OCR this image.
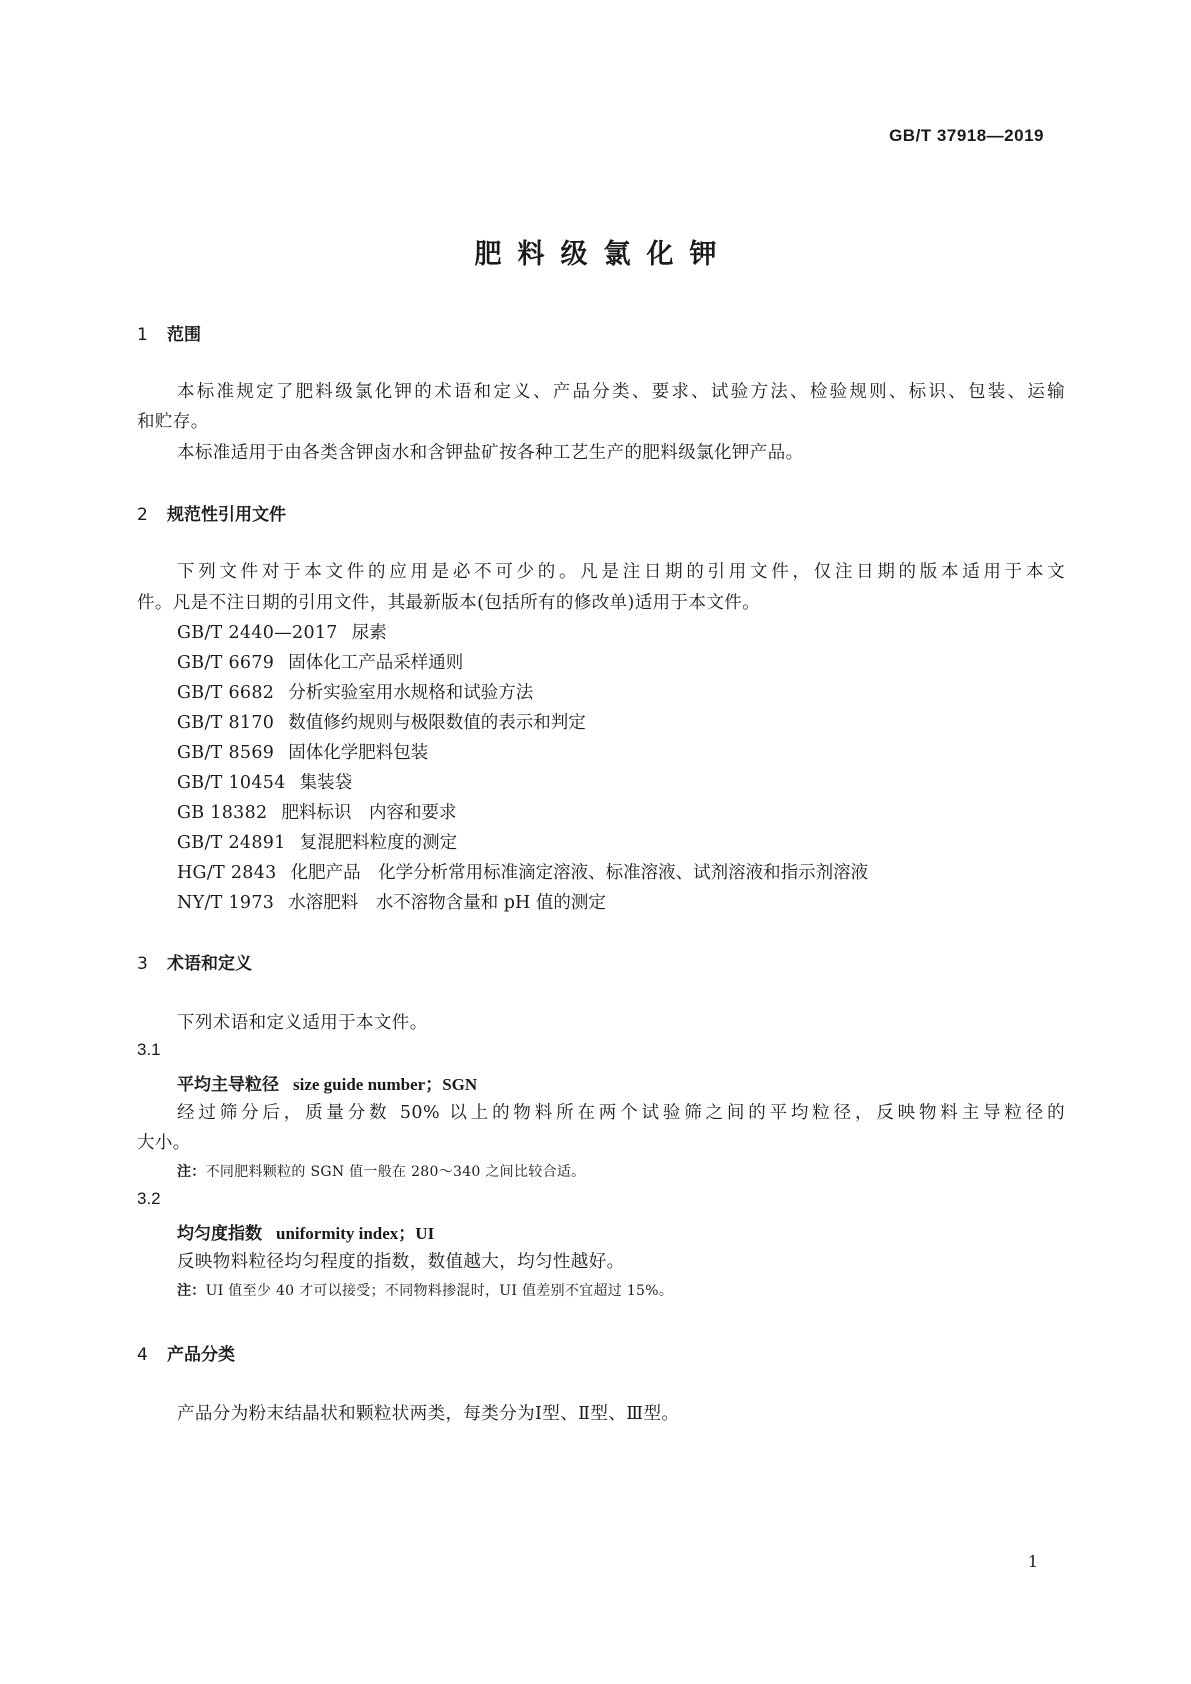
GB/T 37918—2019
肥料级氯化钾
1 范围
本标准规定了肥料级氯化钾的术语和定义、产品分类、要求、试验方法、检验规则、标识、包装、运输
和贮存。
本标准适用于由各类含钾卤水和含钾盐矿按各种工艺生产的肥料级氯化钾产品。
2 规范性引用文件
下列文件对于本文件的应用是必不可少的。凡是注日期的引用文件，仅注日期的版本适用于本文
件。凡是不注日期的引用文件，其最新版本(包括所有的修改单)适用于本文件。
GB/T 2440—2017 尿素
GB/T 6679 固体化工产品采样通则
GB/T 6682 分析实验室用水规格和试验方法
GB/T 8170 数值修约规则与极限数值的表示和判定
GB/T 8569 固体化学肥料包装
GB/T 10454 集装袋
GB 18382 肥料标识　内容和要求
GB/T 24891 复混肥料粒度的测定
HG/T 2843 化肥产品　化学分析常用标准滴定溶液、标准溶液、试剂溶液和指示剂溶液
NY/T 1973 水溶肥料　水不溶物含量和 pH 值的测定
3 术语和定义
下列术语和定义适用于本文件。
3.1
平均主导粒径 size guide number；SGN
经过筛分后，质量分数 50% 以上的物料所在两个试验筛之间的平均粒径，反映物料主导粒径的
大小。
注：不同肥料颗粒的 SGN 值一般在 280～340 之间比较合适。
3.2
均匀度指数 uniformity index；UI
反映物料粒径均匀程度的指数，数值越大，均匀性越好。
注：UI 值至少 40 才可以接受；不同物料掺混时，UI 值差别不宜超过 15%。
4 产品分类
产品分为粉末结晶状和颗粒状两类，每类分为Ⅰ型、Ⅱ型、Ⅲ型。
1
